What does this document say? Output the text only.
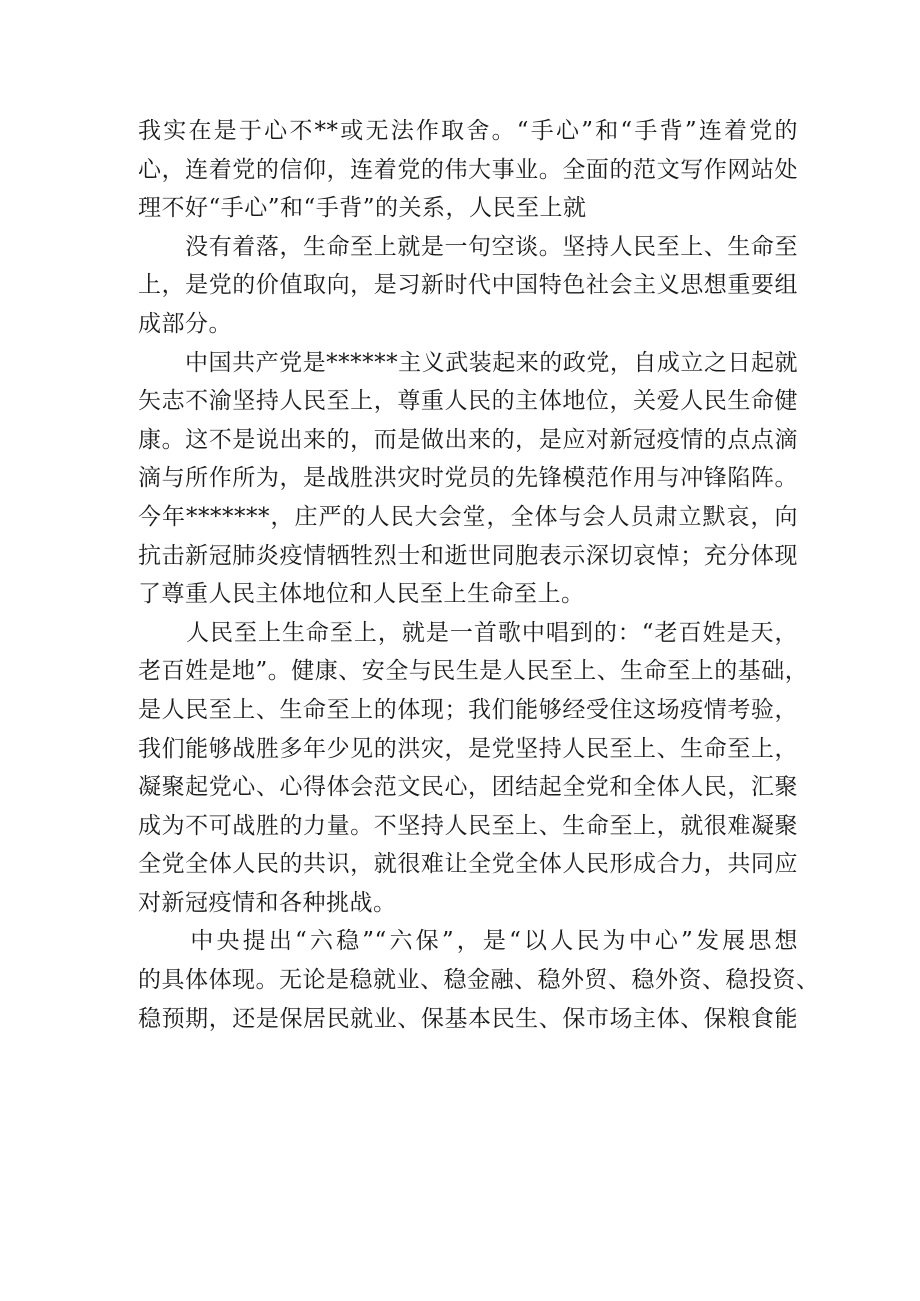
我实在是于心不**或无法作取舍。“手心”和“手背”连着党的
心，连着党的信仰，连着党的伟大事业。全面的范文写作网站处
理不好“手心”和“手背”的关系，人民至上就
　　没有着落，生命至上就是一句空谈。坚持人民至上、生命至
上，是党的价值取向，是习新时代中国特色社会主义思想重要组
成部分。
　　中国共产党是******主义武装起来的政党，自成立之日起就
矢志不渝坚持人民至上，尊重人民的主体地位，关爱人民生命健
康。这不是说出来的，而是做出来的，是应对新冠疫情的点点滴
滴与所作所为，是战胜洪灾时党员的先锋模范作用与冲锋陷阵。
今年*******，庄严的人民大会堂，全体与会人员肃立默哀，向
抗击新冠肺炎疫情牺牲烈士和逝世同胞表示深切哀悼；充分体现
了尊重人民主体地位和人民至上生命至上。
　　人民至上生命至上，就是一首歌中唱到的：“老百姓是天，
老百姓是地”。健康、安全与民生是人民至上、生命至上的基础，
是人民至上、生命至上的体现；我们能够经受住这场疫情考验，
我们能够战胜多年少见的洪灾，是党坚持人民至上、生命至上，
凝聚起党心、心得体会范文民心，团结起全党和全体人民，汇聚
成为不可战胜的力量。不坚持人民至上、生命至上，就很难凝聚
全党全体人民的共识，就很难让全党全体人民形成合力，共同应
对新冠疫情和各种挑战。
　　中央提出“六稳”“六保”，是“以人民为中心”发展思想
的具体体现。无论是稳就业、稳金融、稳外贸、稳外资、稳投资、
稳预期，还是保居民就业、保基本民生、保市场主体、保粮食能
